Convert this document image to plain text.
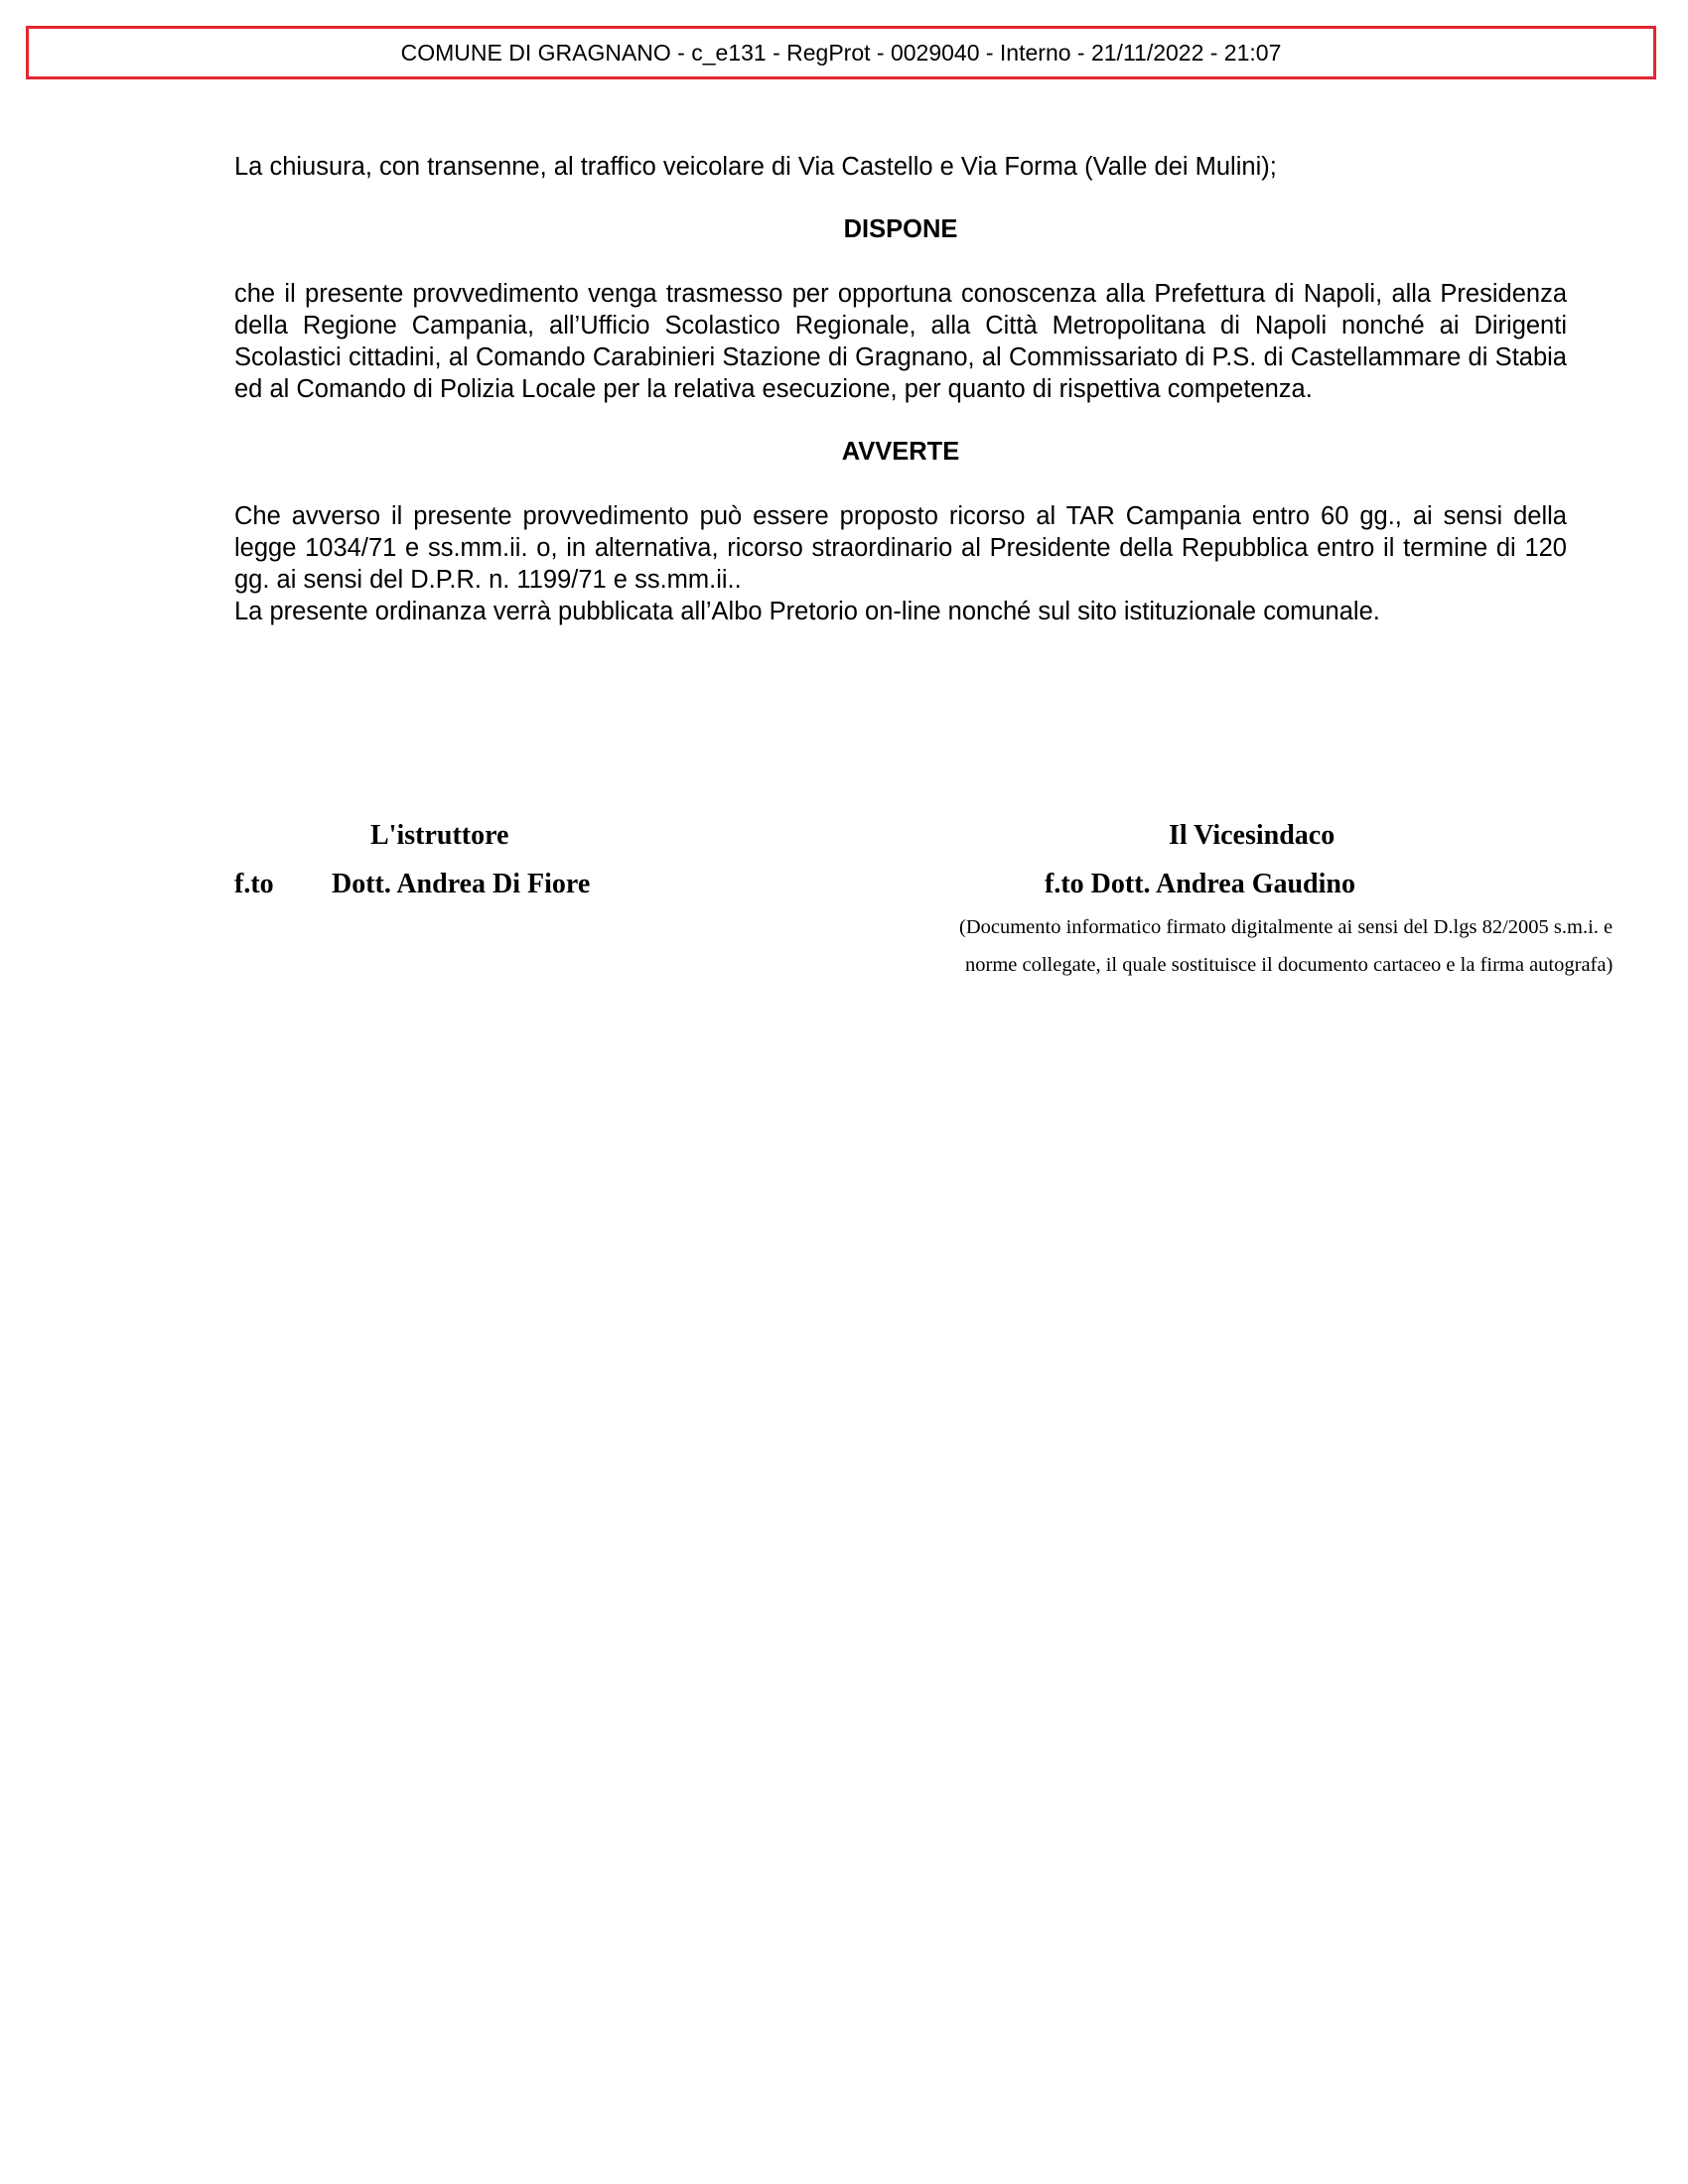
COMUNE DI GRAGNANO - c_e131 - RegProt - 0029040 - Interno - 21/11/2022 - 21:07

La chiusura, con transenne, al traffico veicolare di Via Castello e Via Forma (Valle dei Mulini);

DISPONE

che il presente provvedimento venga trasmesso per opportuna conoscenza alla Prefettura di Napoli, alla Presidenza della Regione Campania, all’Ufficio Scolastico Regionale, alla Città Metropolitana di Napoli nonché ai Dirigenti Scolastici cittadini, al Comando Carabinieri Stazione di Gragnano, al Commissariato di P.S. di Castellammare di Stabia ed al Comando di Polizia Locale per la relativa esecuzione, per quanto di rispettiva competenza.

AVVERTE

Che avverso il presente provvedimento può essere proposto ricorso al TAR Campania entro 60 gg., ai sensi della legge 1034/71 e ss.mm.ii. o, in alternativa, ricorso straordinario al Presidente della Repubblica entro il termine di 120 gg. ai sensi del D.P.R. n. 1199/71 e ss.mm.ii..

La presente ordinanza verrà pubblicata all’Albo Pretorio on-line nonché sul sito istituzionale comunale.

L'istruttore
f.to Dott. Andrea Di Fiore
Il Vicesindaco
f.to Dott. Andrea Gaudino
(Documento informatico firmato digitalmente ai sensi del D.lgs 82/2005 s.m.i. e
norme collegate, il quale sostituisce il documento cartaceo e la firma autografa)
